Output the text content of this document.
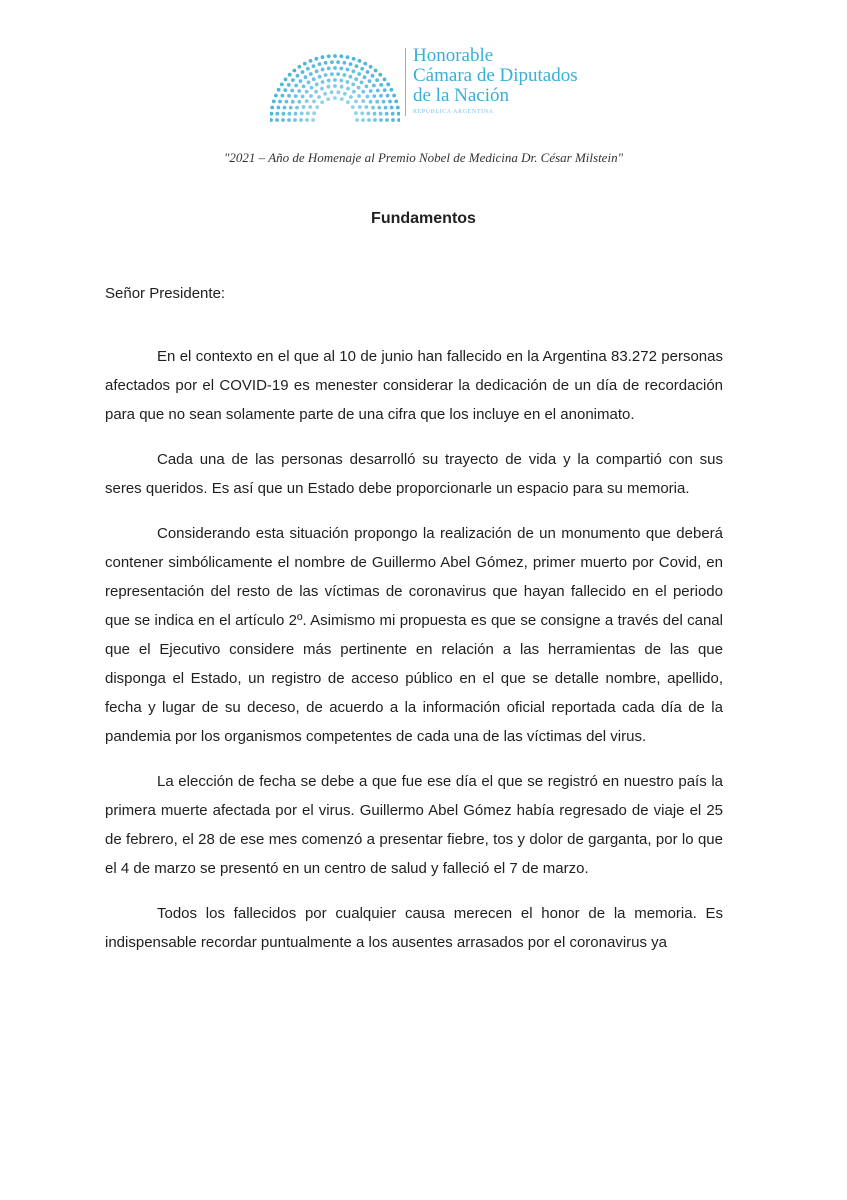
Honorable
Cámara de Diputados
de la Nación
REPÚBLICA ARGENTINA
"2021 – Año de Homenaje al Premio Nobel de Medicina Dr. César Milstein"
Fundamentos
Señor Presidente:

En el contexto en el que al 10 de junio han fallecido en la Argentina 83.272 personas afectados por el COVID-19 es menester considerar la dedicación de un día de recordación para que no sean solamente parte de una cifra que los incluye en el anonimato.

Cada una de las personas desarrolló su trayecto de vida y la compartió con sus seres queridos. Es así que un Estado debe proporcionarle un espacio para su memoria.

Considerando esta situación propongo la realización de un monumento que deberá contener simbólicamente el nombre de Guillermo Abel Gómez, primer muerto por Covid, en representación del resto de las víctimas de coronavirus que hayan fallecido en el periodo que se indica en el artículo 2º. Asimismo mi propuesta es que se consigne a través del canal que el Ejecutivo considere más pertinente en relación a las herramientas de las que disponga el Estado, un registro de acceso público en el que se detalle nombre, apellido, fecha y lugar de su deceso, de acuerdo a la información oficial reportada cada día de la pandemia por los organismos competentes de cada una de las víctimas del virus.

La elección de fecha se debe a que fue ese día el que se registró en nuestro país la primera muerte afectada por el virus. Guillermo Abel Gómez había regresado de viaje el 25 de febrero, el 28 de ese mes comenzó a presentar fiebre, tos y dolor de garganta, por lo que el 4 de marzo se presentó en un centro de salud y falleció el 7 de marzo.

Todos los fallecidos por cualquier causa merecen el honor de la memoria. Es indispensable recordar puntualmente a los ausentes arrasados por el coronavirus ya
